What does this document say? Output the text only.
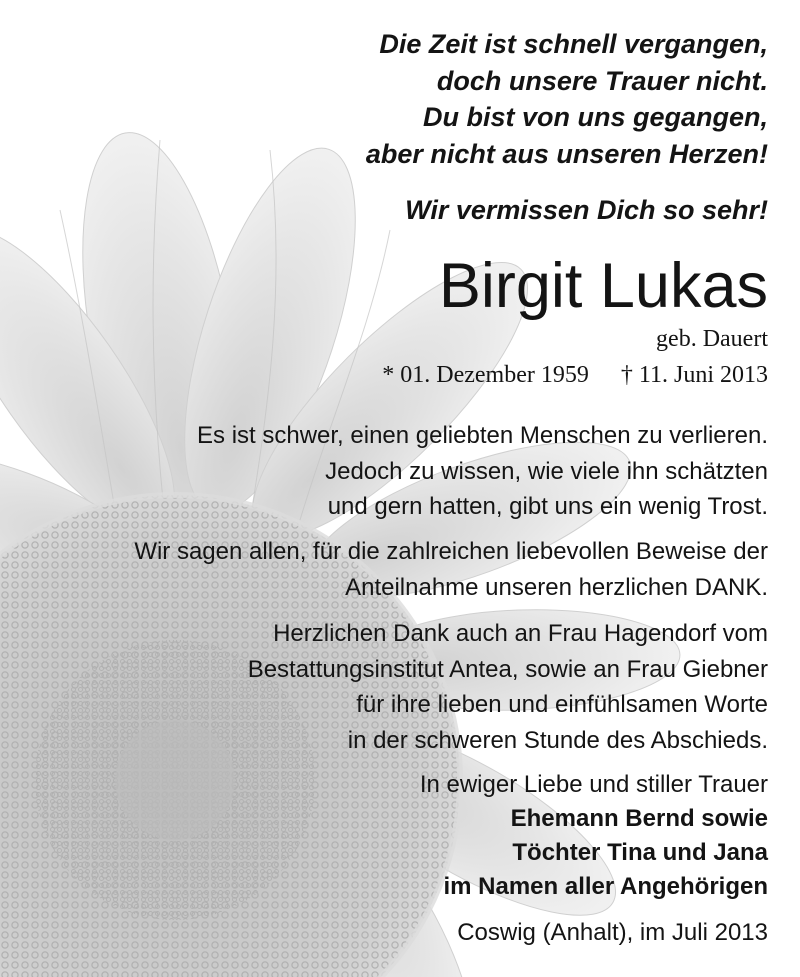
Die Zeit ist schnell vergangen,
doch unsere Trauer nicht.
Du bist von uns gegangen,
aber nicht aus unseren Herzen!
Wir vermissen Dich so sehr!
Birgit Lukas
geb. Dauert
* 01. Dezember 1959 † 11. Juni 2013
Es ist schwer, einen geliebten Menschen zu verlieren.
Jedoch zu wissen, wie viele ihn schätzten
und gern hatten, gibt uns ein wenig Trost.
Wir sagen allen, für die zahlreichen liebevollen Beweise der
Anteilnahme unseren herzlichen DANK.
Herzlichen Dank auch an Frau Hagendorf vom
Bestattungsinstitut Antea, sowie an Frau Giebner
für ihre lieben und einfühlsamen Worte
in der schweren Stunde des Abschieds.
In ewiger Liebe und stiller Trauer
Ehemann Bernd sowie
Töchter Tina und Jana
im Namen aller Angehörigen
Coswig (Anhalt), im Juli 2013
